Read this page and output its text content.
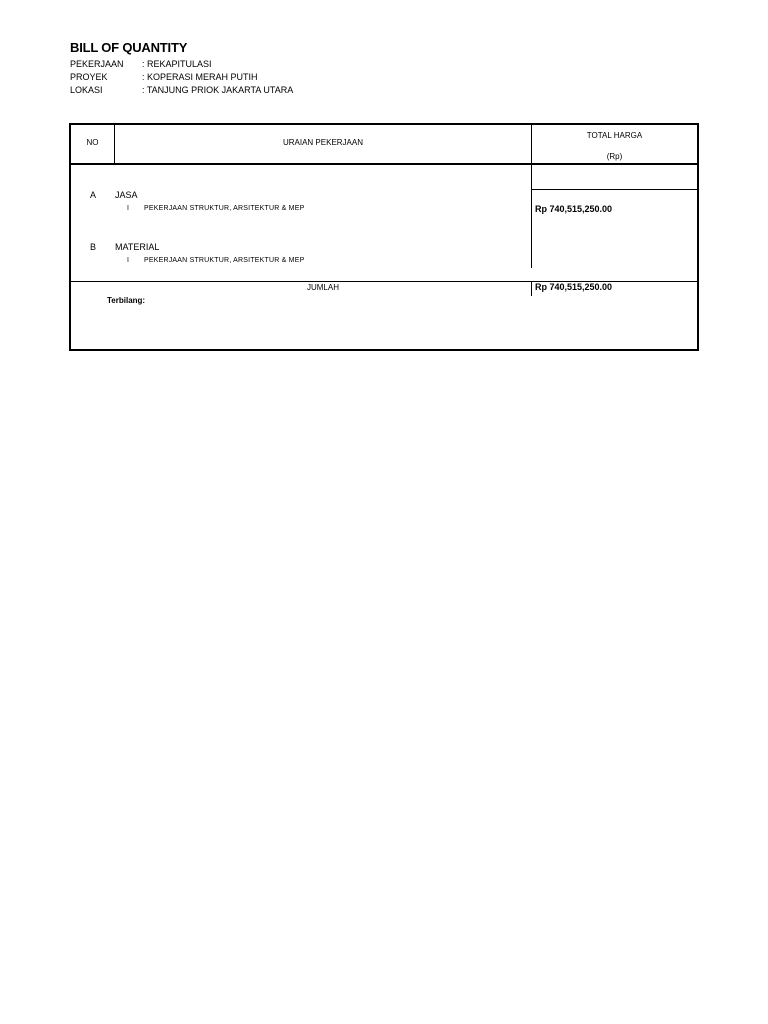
BILL OF QUANTITY
PEKERJAAN : REKAPITULASI
PROYEK	: KOPERASI MERAH PUTIH
LOKASI	: TANJUNG PRIOK JAKARTA UTARA
NO	URAIAN PEKERJAAN
TOTAL HARGA
(Rp)
A	JASA
I PEKERJAAN STRUKTUR, ARSITEKTUR & MEP	Rp 740,515,250.00
B	MATERIAL
I PEKERJAAN STRUKTUR, ARSITEKTUR & MEP
JUMLAH	Rp 740,515,250.00
Terbilang:
